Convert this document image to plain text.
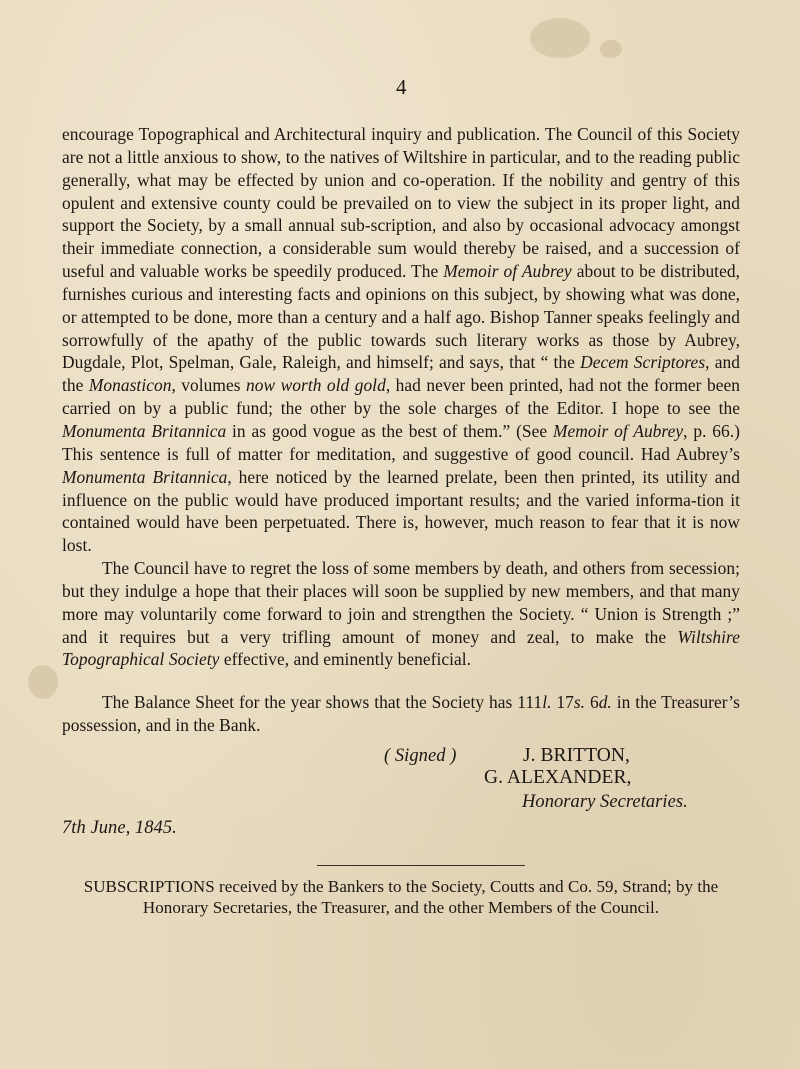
4

encourage Topographical and Architectural inquiry and publication. The Council of this Society are not a little anxious to show, to the natives of Wiltshire in particular, and to the reading public generally, what may be effected by union and co-operation. If the nobility and gentry of this opulent and extensive county could be prevailed on to view the subject in its proper light, and support the Society, by a small annual sub-scription, and also by occasional advocacy amongst their immediate connection, a considerable sum would thereby be raised, and a succession of useful and valuable works be speedily produced. The Memoir of Aubrey about to be distributed, furnishes curious and interesting facts and opinions on this subject, by showing what was done, or attempted to be done, more than a century and a half ago. Bishop Tanner speaks feelingly and sorrowfully of the apathy of the public towards such literary works as those by Aubrey, Dugdale, Plot, Spelman, Gale, Raleigh, and himself; and says, that “ the Decem Scriptores, and the Monasticon, volumes now worth old gold, had never been printed, had not the former been carried on by a public fund; the other by the sole charges of the Editor. I hope to see the Monumenta Britannica in as good vogue as the best of them.” (See Memoir of Aubrey, p. 66.) This sentence is full of matter for meditation, and suggestive of good council. Had Aubrey’s Monumenta Britannica, here noticed by the learned prelate, been then printed, its utility and influence on the public would have produced important results; and the varied informa-tion it contained would have been perpetuated. There is, however, much reason to fear that it is now lost.

The Council have to regret the loss of some members by death, and others from secession; but they indulge a hope that their places will soon be supplied by new members, and that many more may voluntarily come forward to join and strengthen the Society. “ Union is Strength ;” and it requires but a very trifling amount of money and zeal, to make the Wiltshire Topographical Society effective, and eminently beneficial.

The Balance Sheet for the year shows that the Society has 111l. 17s. 6d. in the Treasurer’s possession, and in the Bank.

( Signed )	J. BRITTON,
G. ALEXANDER,
Honorary Secretaries.
7th June, 1845.

SUBSCRIPTIONS received by the Bankers to the Society, Coutts and Co. 59, Strand; by the Honorary Secretaries, the Treasurer, and the other Members of the Council.
